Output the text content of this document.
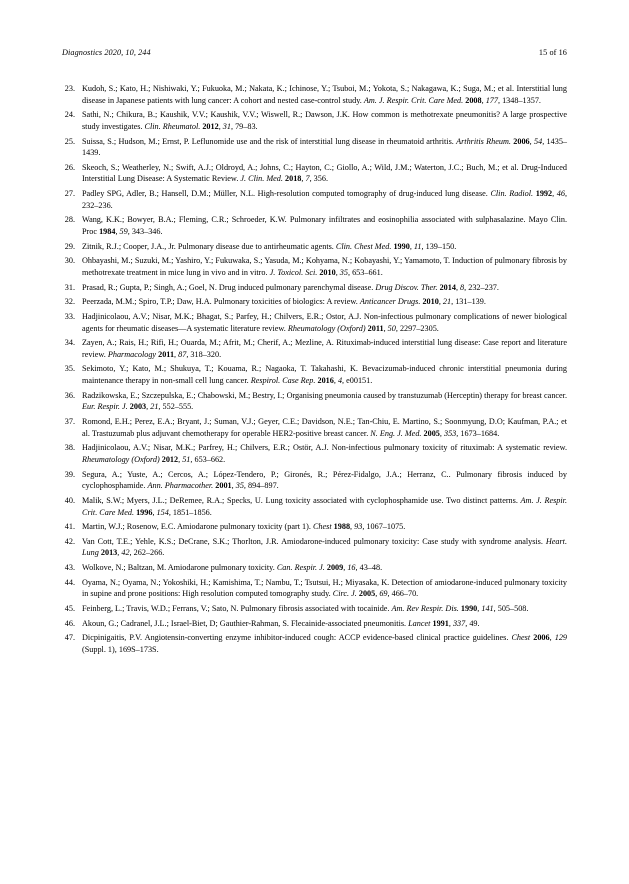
Diagnostics 2020, 10, 244	15 of 16
23. Kudoh, S.; Kato, H.; Nishiwaki, Y.; Fukuoka, M.; Nakata, K.; Ichinose, Y.; Tsuboi, M.; Yokota, S.; Nakagawa, K.; Suga, M.; et al. Interstitial lung disease in Japanese patients with lung cancer: A cohort and nested case-control study. Am. J. Respir. Crit. Care Med. 2008, 177, 1348–1357.
24. Sathi, N.; Chikura, B.; Kaushik, V.V.; Kaushik, V.V.; Wiswell, R.; Dawson, J.K. How common is methotrexate pneumonitis? A large prospective study investigates. Clin. Rheumatol. 2012, 31, 79–83.
25. Suissa, S.; Hudson, M.; Ernst, P. Leflunomide use and the risk of interstitial lung disease in rheumatoid arthritis. Arthritis Rheum. 2006, 54, 1435–1439.
26. Skeoch, S.; Weatherley, N.; Swift, A.J.; Oldroyd, A.; Johns, C.; Hayton, C.; Giollo, A.; Wild, J.M.; Waterton, J.C.; Buch, M.; et al. Drug-Induced Interstitial Lung Disease: A Systematic Review. J. Clin. Med. 2018, 7, 356.
27. Padley SPG, Adler, B.; Hansell, D.M.; Müller, N.L. High-resolution computed tomography of drug-induced lung disease. Clin. Radiol. 1992, 46, 232–236.
28. Wang, K.K.; Bowyer, B.A.; Fleming, C.R.; Schroeder, K.W. Pulmonary infiltrates and eosinophilia associated with sulphasalazine. Mayo Clin. Proc 1984, 59, 343–346.
29. Zitnik, R.J.; Cooper, J.A., Jr. Pulmonary disease due to antirheumatic agents. Clin. Chest Med. 1990, 11, 139–150.
30. Ohbayashi, M.; Suzuki, M.; Yashiro, Y.; Fukuwaka, S.; Yasuda, M.; Kohyama, N.; Kobayashi, Y.; Yamamoto, T. Induction of pulmonary fibrosis by methotrexate treatment in mice lung in vivo and in vitro. J. Toxicol. Sci. 2010, 35, 653–661.
31. Prasad, R.; Gupta, P.; Singh, A.; Goel, N. Drug induced pulmonary parenchymal disease. Drug Discov. Ther. 2014, 8, 232–237.
32. Peerzada, M.M.; Spiro, T.P.; Daw, H.A. Pulmonary toxicities of biologics: A review. Anticancer Drugs. 2010, 21, 131–139.
33. Hadjinicolaou, A.V.; Nisar, M.K.; Bhagat, S.; Parfey, H.; Chilvers, E.R.; Ostor, A.J. Non-infectious pulmonary complications of newer biological agents for rheumatic diseases—A systematic literature review. Rheumatology (Oxford) 2011, 50, 2297–2305.
34. Zayen, A.; Rais, H.; Rifi, H.; Ouarda, M.; Afrit, M.; Cherif, A.; Mezline, A. Rituximab-induced interstitial lung disease: Case report and literature review. Pharmacology 2011, 87, 318–320.
35. Sekimoto, Y.; Kato, M.; Shukuya, T.; Kouama, R.; Nagaoka, T. Takahashi, K. Bevacizumab-induced chronic interstitial pneumonia during maintenance therapy in non-small cell lung cancer. Respirol. Case Rep. 2016, 4, e00151.
36. Radzikowska, E.; Szczepulska, E.; Chabowski, M.; Bestry, I.; Organising pneumonia caused by transtuzumab (Herceptin) therapy for breast cancer. Eur. Respir. J. 2003, 21, 552–555.
37. Romond, E.H.; Perez, E.A.; Bryant, J.; Suman, V.J.; Geyer, C.E.; Davidson, N.E.; Tan-Chiu, E. Martino, S.; Soonmyung, D.O; Kaufman, P.A.; et al. Trastuzumab plus adjuvant chemotherapy for operable HER2-positive breast cancer. N. Eng. J. Med. 2005, 353, 1673–1684.
38. Hadjinicolaou, A.V.; Nisar, M.K.; Parfrey, H.; Chilvers, E.R.; Ostör, A.J. Non-infectious pulmonary toxicity of rituximab: A systematic review. Rheumatology (Oxford) 2012, 51, 653–662.
39. Segura, A.; Yuste, A.; Cercos, A.; López-Tendero, P.; Gironés, R.; Pérez-Fidalgo, J.A.; Herranz, C.. Pulmonary fibrosis induced by cyclophosphamide. Ann. Pharmacother. 2001, 35, 894–897.
40. Malik, S.W.; Myers, J.L.; DeRemee, R.A.; Specks, U. Lung toxicity associated with cyclophosphamide use. Two distinct patterns. Am. J. Respir. Crit. Care Med. 1996, 154, 1851–1856.
41. Martin, W.J.; Rosenow, E.C. Amiodarone pulmonary toxicity (part 1). Chest 1988, 93, 1067–1075.
42. Van Cott, T.E.; Yehle, K.S.; DeCrane, S.K.; Thorlton, J.R. Amiodarone-induced pulmonary toxicity: Case study with syndrome analysis. Heart. Lung 2013, 42, 262–266.
43. Wolkove, N.; Baltzan, M. Amiodarone pulmonary toxicity. Can. Respir. J. 2009, 16, 43–48.
44. Oyama, N.; Oyama, N.; Yokoshiki, H.; Kamishima, T.; Nambu, T.; Tsutsui, H.; Miyasaka, K. Detection of amiodarone-induced pulmonary toxicity in supine and prone positions: High resolution computed tomography study. Circ. J. 2005, 69, 466–70.
45. Feinberg, L.; Travis, W.D.; Ferrans, V.; Sato, N. Pulmonary fibrosis associated with tocainide. Am. Rev Respir. Dis. 1990, 141, 505–508.
46. Akoun, G.; Cadranel, J.L.; Israel-Biet, D; Gauthier-Rahman, S. Flecainide-associated pneumonitis. Lancet 1991, 337, 49.
47. Dicpinigaitis, P.V. Angiotensin-converting enzyme inhibitor-induced cough: ACCP evidence-based clinical practice guidelines. Chest 2006, 129 (Suppl. 1), 169S–173S.
